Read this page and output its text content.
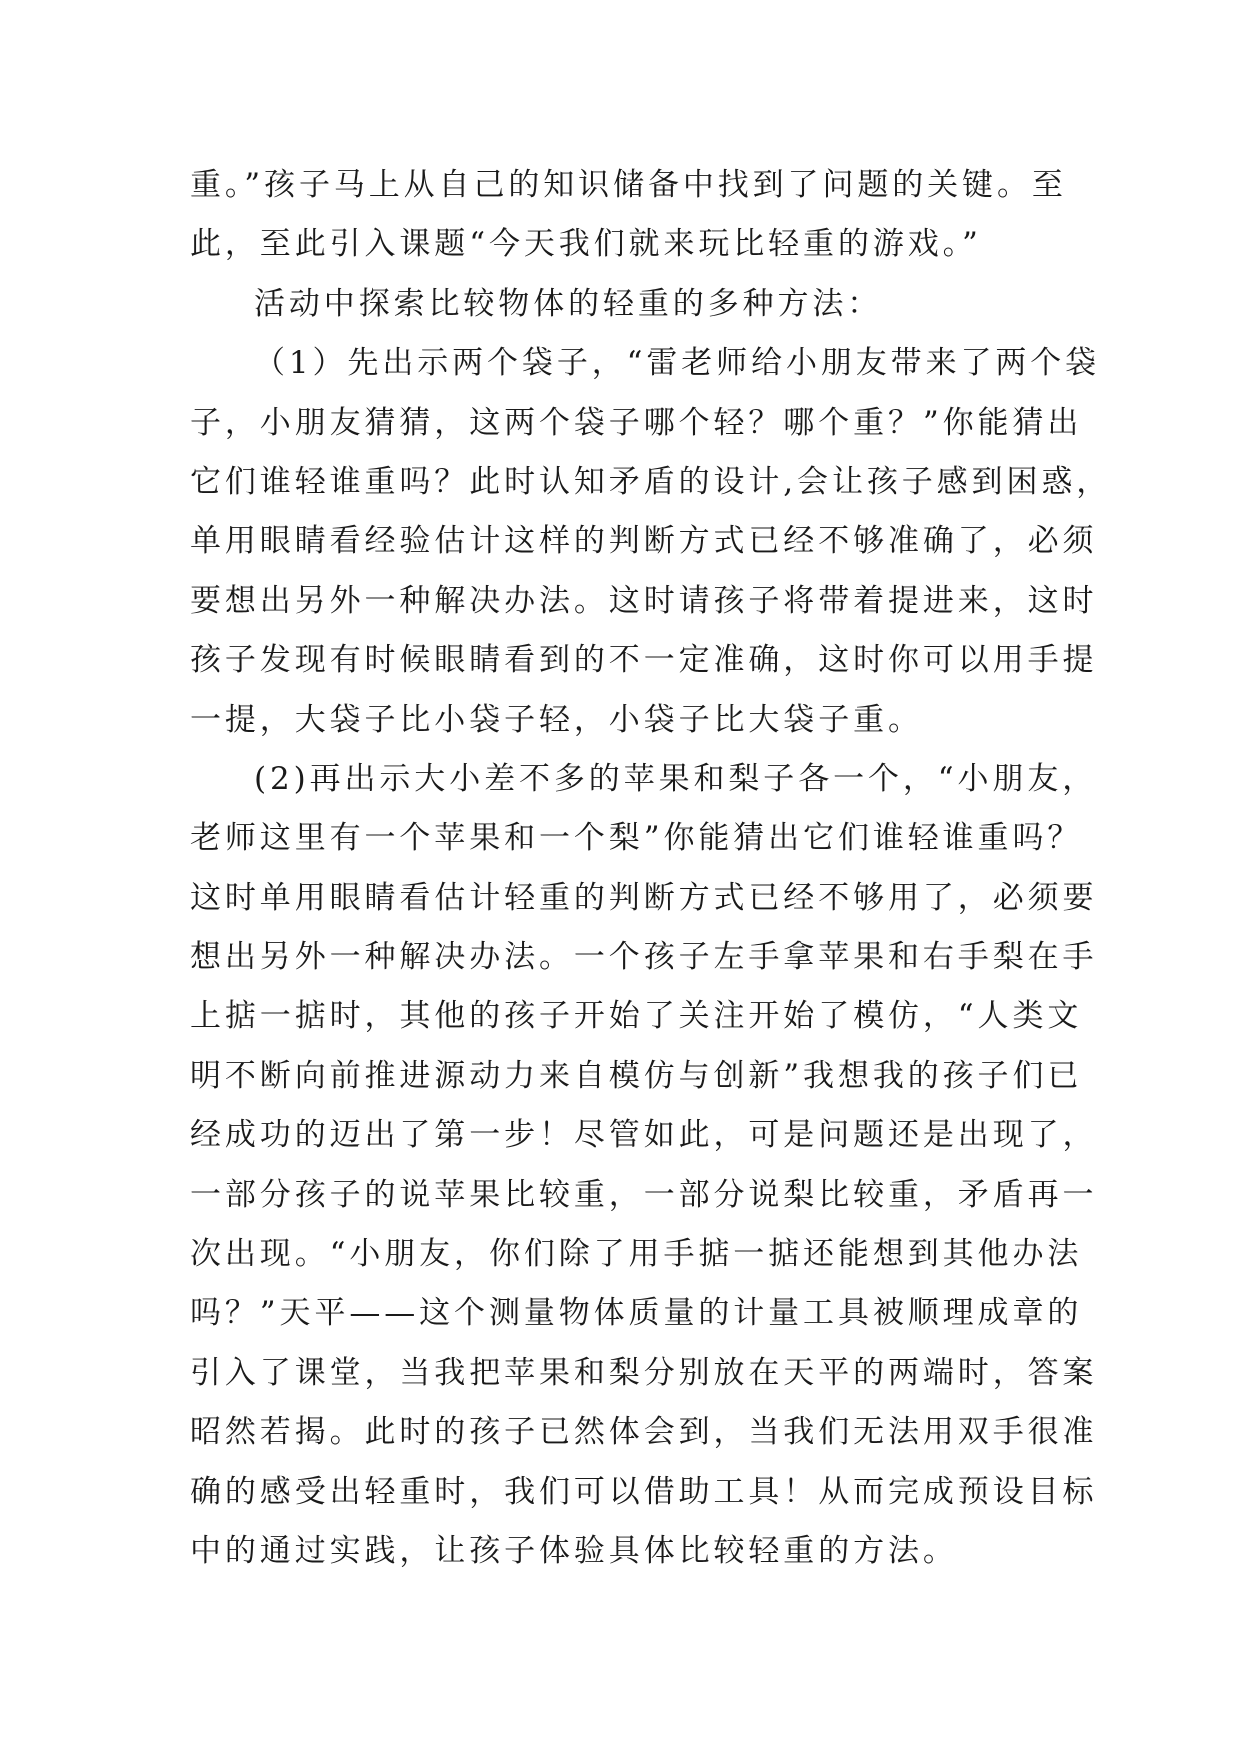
重。”孩子马上从自己的知识储备中找到了问题的关键。至

此，至此引入课题“今天我们就来玩比轻重的游戏。”

活动中探索比较物体的轻重的多种方法：

（1）先出示两个袋子，“雷老师给小朋友带来了两个袋

子，小朋友猜猜，这两个袋子哪个轻？哪个重？”你能猜出

它们谁轻谁重吗？此时认知矛盾的设计,会让孩子感到困惑，

单用眼睛看经验估计这样的判断方式已经不够准确了，必须

要想出另外一种解决办法。这时请孩子将带着提进来，这时

孩子发现有时候眼睛看到的不一定准确，这时你可以用手提

一提，大袋子比小袋子轻，小袋子比大袋子重。

(2)再出示大小差不多的苹果和梨子各一个，“小朋友，

老师这里有一个苹果和一个梨”你能猜出它们谁轻谁重吗？

这时单用眼睛看估计轻重的判断方式已经不够用了，必须要

想出另外一种解决办法。一个孩子左手拿苹果和右手梨在手

上掂一掂时，其他的孩子开始了关注开始了模仿，“人类文

明不断向前推进源动力来自模仿与创新”我想我的孩子们已

经成功的迈出了第一步！尽管如此，可是问题还是出现了，

一部分孩子的说苹果比较重，一部分说梨比较重，矛盾再一

次出现。“小朋友，你们除了用手掂一掂还能想到其他办法

吗？”天平——这个测量物体质量的计量工具被顺理成章的

引入了课堂，当我把苹果和梨分别放在天平的两端时，答案

昭然若揭。此时的孩子已然体会到，当我们无法用双手很准

确的感受出轻重时，我们可以借助工具！从而完成预设目标

中的通过实践，让孩子体验具体比较轻重的方法。
